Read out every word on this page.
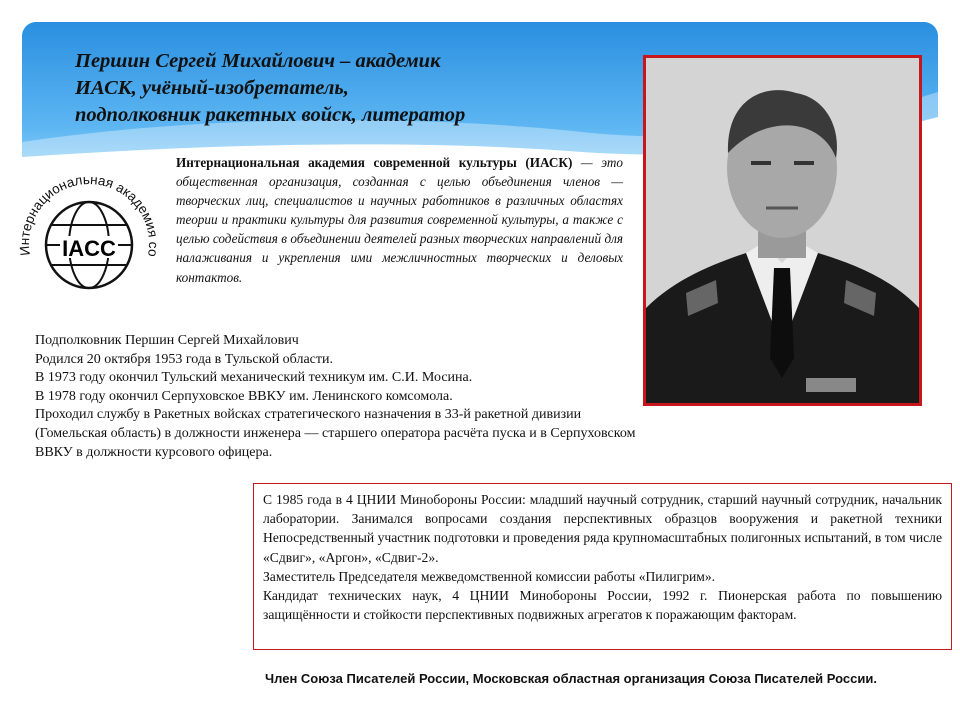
Першин Сергей Михайлович – академик
ИАСК, учёный-изобретатель,
подполковник ракетных войск, литератор
Интернациональная академия со
IACC
Интернациональная академия современной культуры (ИАСК) — это общественная организация, созданная с целью объединения членов — творческих лиц, специалистов и научных работников в различных областях теории и практики культуры для развития современной культуры, а также с целью содействия в объединении деятелей разных творческих направлений для налаживания и укрепления ими межличностных творческих и деловых контактов.
Подполковник Першин Сергей Михайлович
Родился 20 октября 1953 года в Тульской области.
В 1973 году окончил Тульский механический техникум им. С.И. Мосина.
В 1978 году окончил Серпуховское ВВКУ им. Ленинского комсомола.
Проходил службу в Ракетных войсках стратегического назначения в 33-й ракетной дивизии
(Гомельская область) в должности инженера — старшего оператора расчёта пуска и в Серпуховском
ВВКУ в должности курсового офицера.

С 1985 года в 4 ЦНИИ Минобороны России: младший научный сотрудник, старший научный сотрудник, начальник лаборатории. Занимался вопросами создания перспективных образцов вооружения и ракетной техники Непосредственный участник подготовки и проведения ряда крупномасштабных полигонных испытаний, в том числе «Сдвиг», «Аргон», «Сдвиг-2».

Заместитель Председателя межведомственной комиссии работы «Пилигрим».

Кандидат технических наук, 4 ЦНИИ Минобороны России, 1992 г. Пионерская работа по повышению защищённости и стойкости перспективных подвижных агрегатов к поражающим факторам.

Член Союза Писателей России, Московская областная организация Союза Писателей России.
